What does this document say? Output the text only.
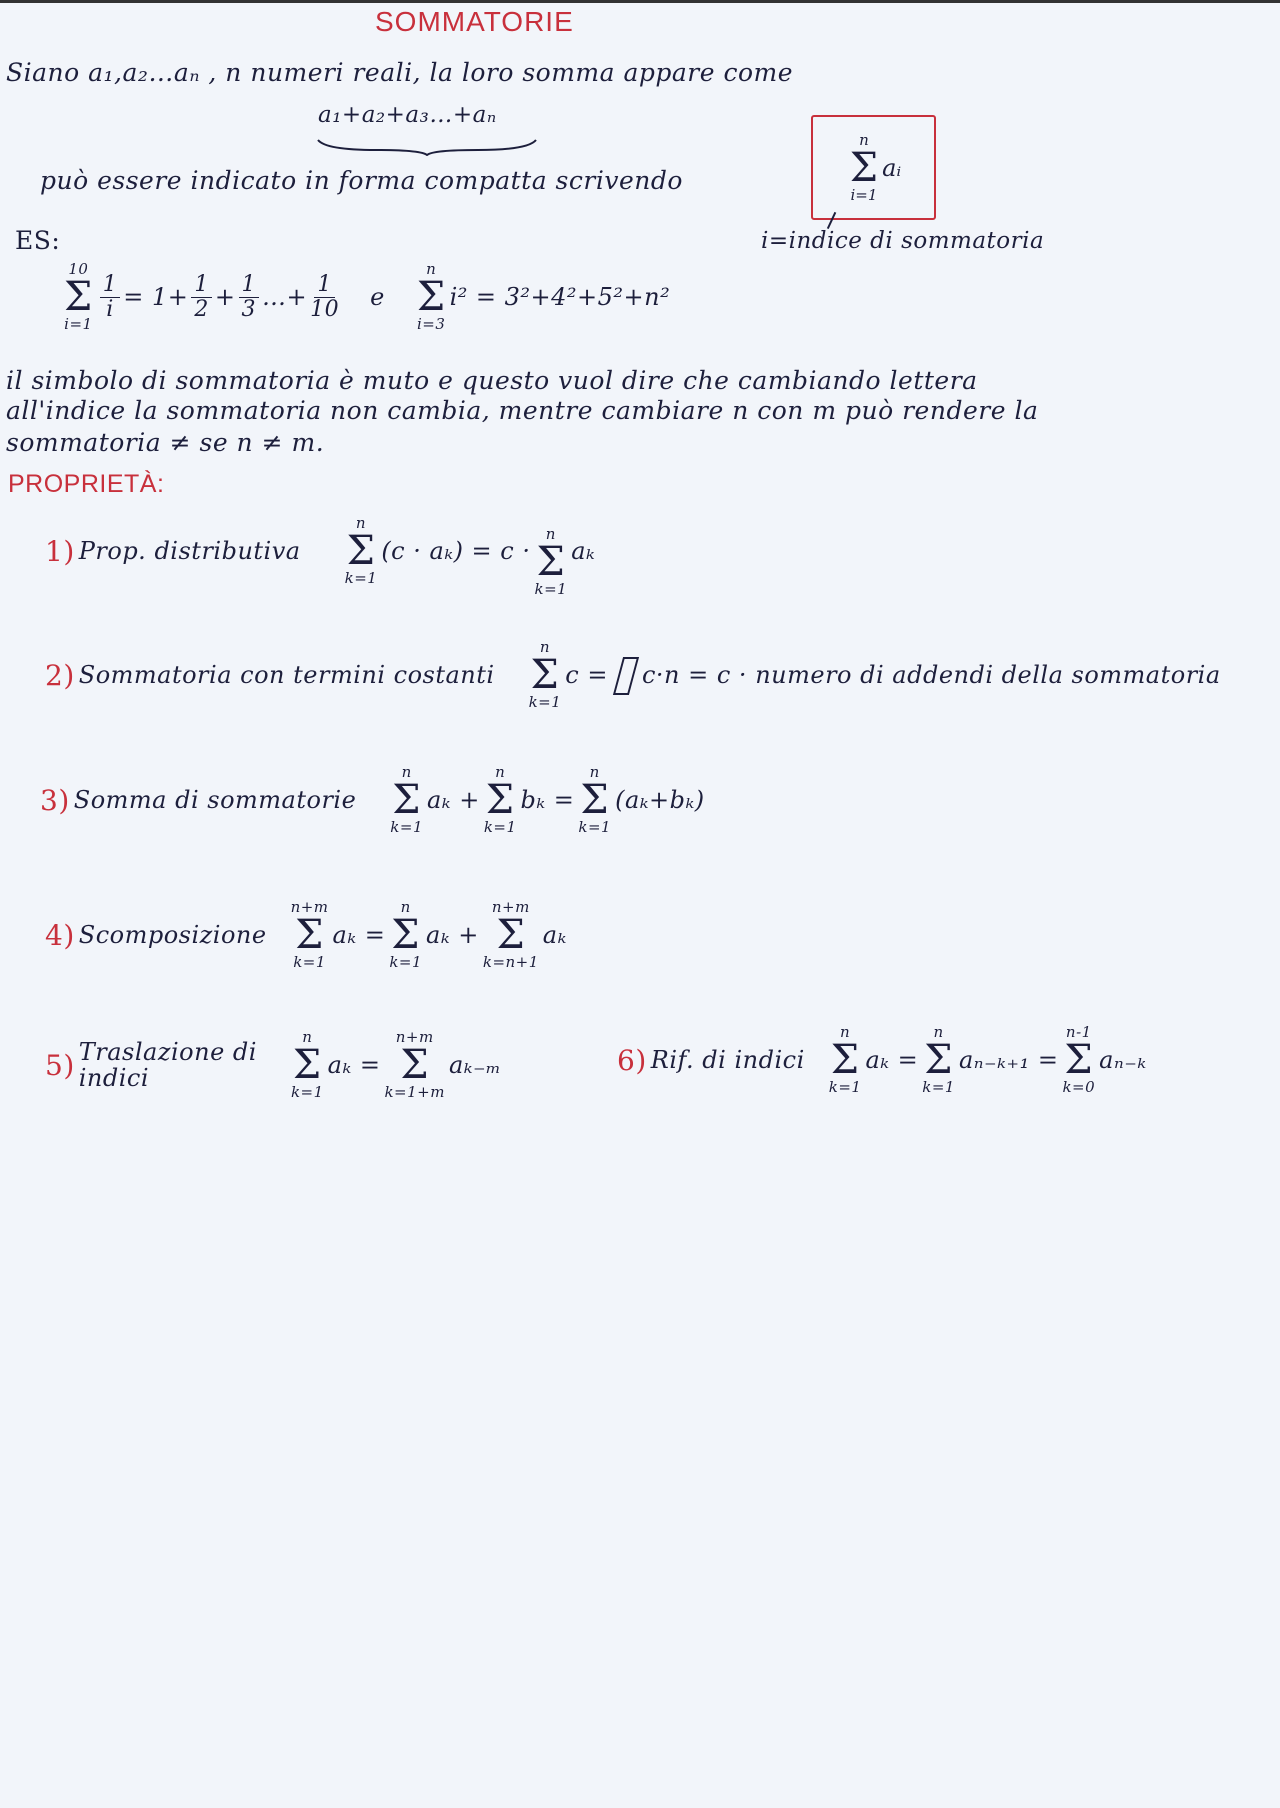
SOMMATORIE
Siano a₁,a₂…aₙ , n numeri reali, la loro somma appare come
a₁+a₂+a₃…+aₙ
può essere indicato in forma compatta scrivendo
n
Σ
i=1
aᵢ
i=indice di sommatoria
ES:
10
Σ
i=1
$\frac{1}{i} = 1+ \frac{1}{2} + \frac{1}{3}$ …+ $\frac{1}{10}$ e
n
Σ
i=3
i² = 3²+4²+5²+n²
il simbolo di sommatoria è muto e questo vuol dire che cambiando lettera
all'indice la sommatoria non cambia, mentre cambiare n con m può rendere la
sommatoria ≠ se n ≠ m.
PROPRIETÀ:
1) Prop. distributiva
n
Σ
k=1
(c · aₖ) = c ·
n
Σ
k=1
aₖ
2) Sommatoria con termini costanti
n
Σ
k=1
c = c·n = c · numero di addendi della sommatoria
3) Somma di sommatorie
n
Σ
k=1
aₖ +
n
Σ
k=1
bₖ =
n
Σ
k=1
(aₖ+bₖ)
4) Scomposizione
n+m
Σ
k=1
aₖ =
n
Σ
k=1
aₖ +
n+m
Σ
k=n+1
aₖ
5) Traslazione di
indici
n
Σ
k=1
aₖ =
n+m
Σ
k=1+m
aₖ₋ₘ	6) Rif. di indici
n
Σ
k=1
aₖ =
n
Σ
k=1
aₙ₋ₖ₊₁ =
n-1
Σ
k=0
aₙ₋ₖ
